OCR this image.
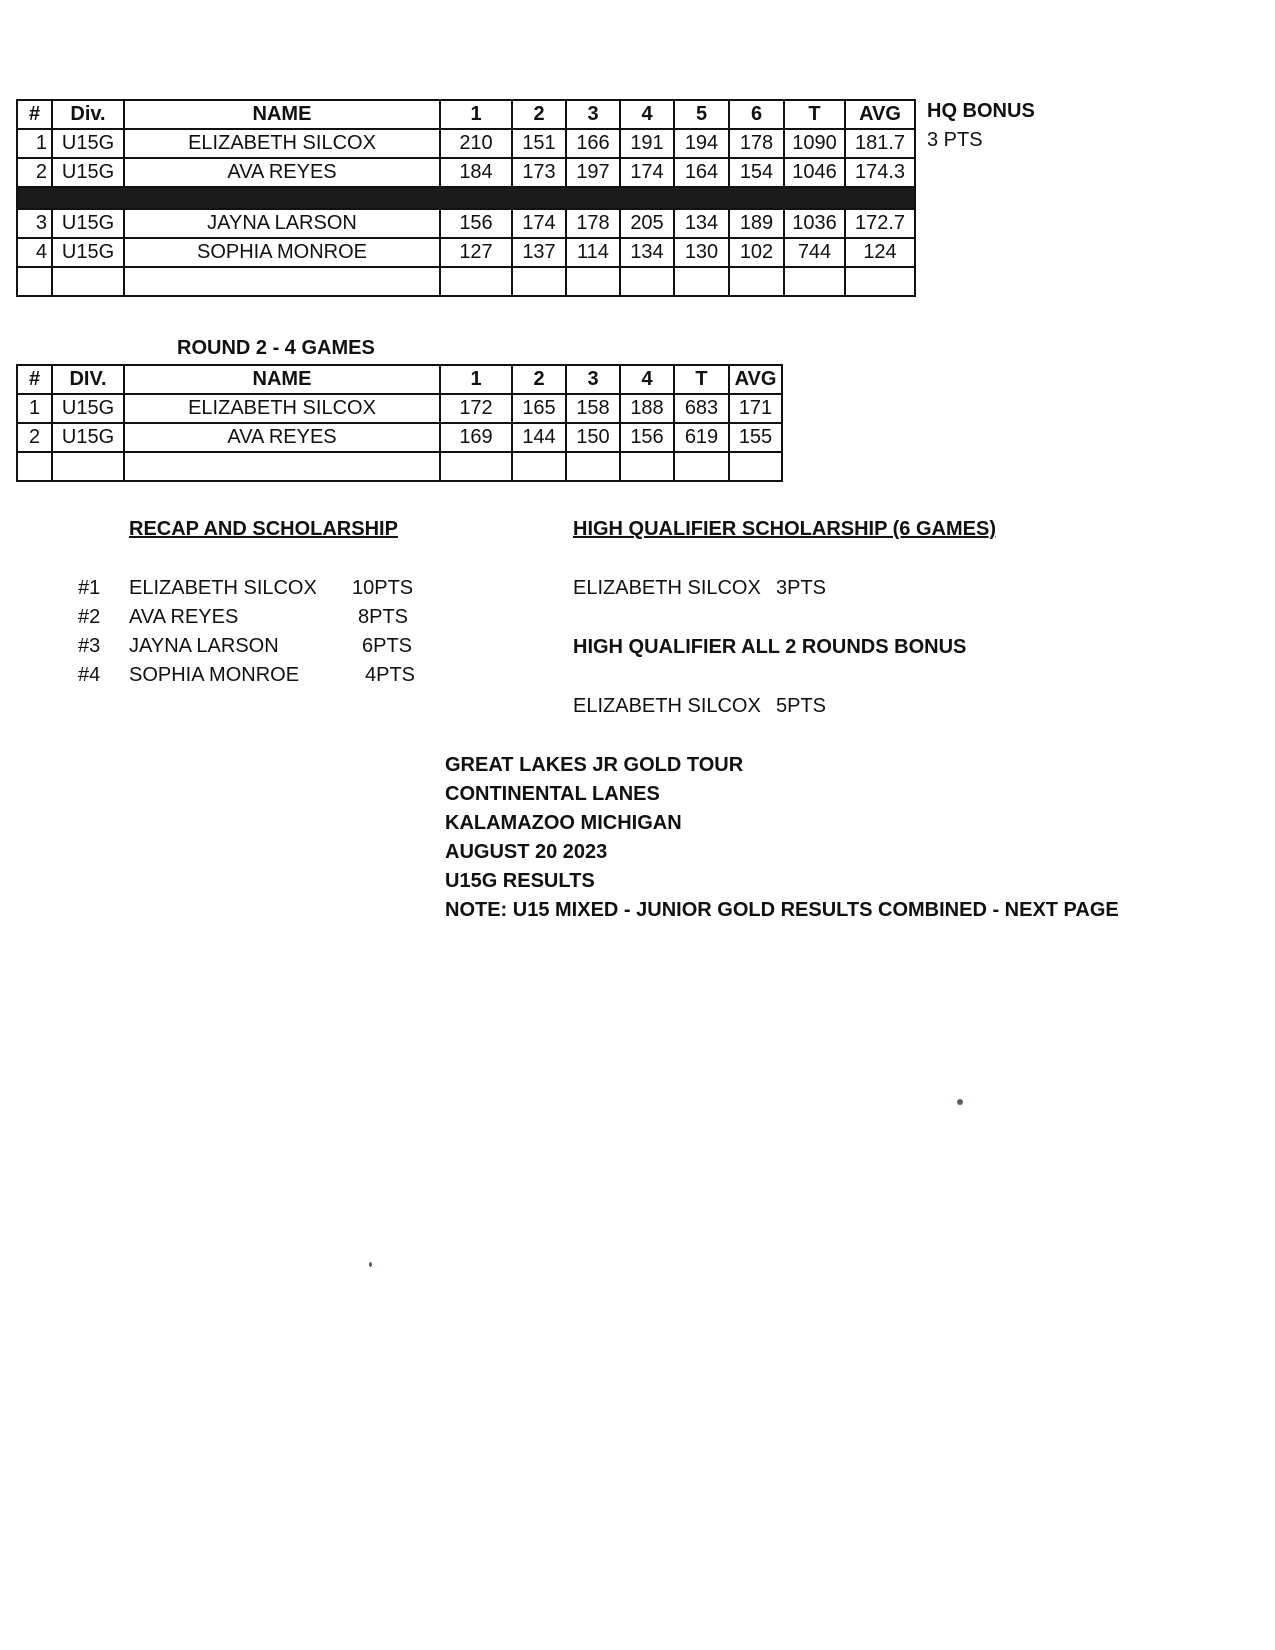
#	Div.	NAME	1	2	3	4	5	6	T	AVG
1	U15G	ELIZABETH SILCOX	210	151	166	191	194	178	1090	181.7
2	U15G	AVA REYES	184	173	197	174	164	154	1046	174.3

3	U15G	JAYNA LARSON	156	174	178	205	134	189	1036	172.7
4	U15G	SOPHIA MONROE	127	137	114	134	130	102	744	124

HQ BONUS
3 PTS
ROUND 2 - 4 GAMES
#	DIV.	NAME	1	2	3	4	T	AVG
1	U15G	ELIZABETH SILCOX	172	165	158	188	683	171
2	U15G	AVA REYES	169	144	150	156	619	155

RECAP AND SCHOLARSHIP
#1 ELIZABETH SILCOX 10PTS
#2 AVA REYES	8PTS
#3 JAYNA LARSON	6PTS
#4 SOPHIA MONROE	4PTS
HIGH QUALIFIER SCHOLARSHIP (6 GAMES)
ELIZABETH SILCOX 3PTS
HIGH QUALIFIER ALL 2 ROUNDS BONUS
ELIZABETH SILCOX 5PTS
GREAT LAKES JR GOLD TOUR
CONTINENTAL LANES
KALAMAZOO MICHIGAN
AUGUST 20 2023
U15G RESULTS
NOTE: U15 MIXED - JUNIOR GOLD RESULTS COMBINED - NEXT PAGE
